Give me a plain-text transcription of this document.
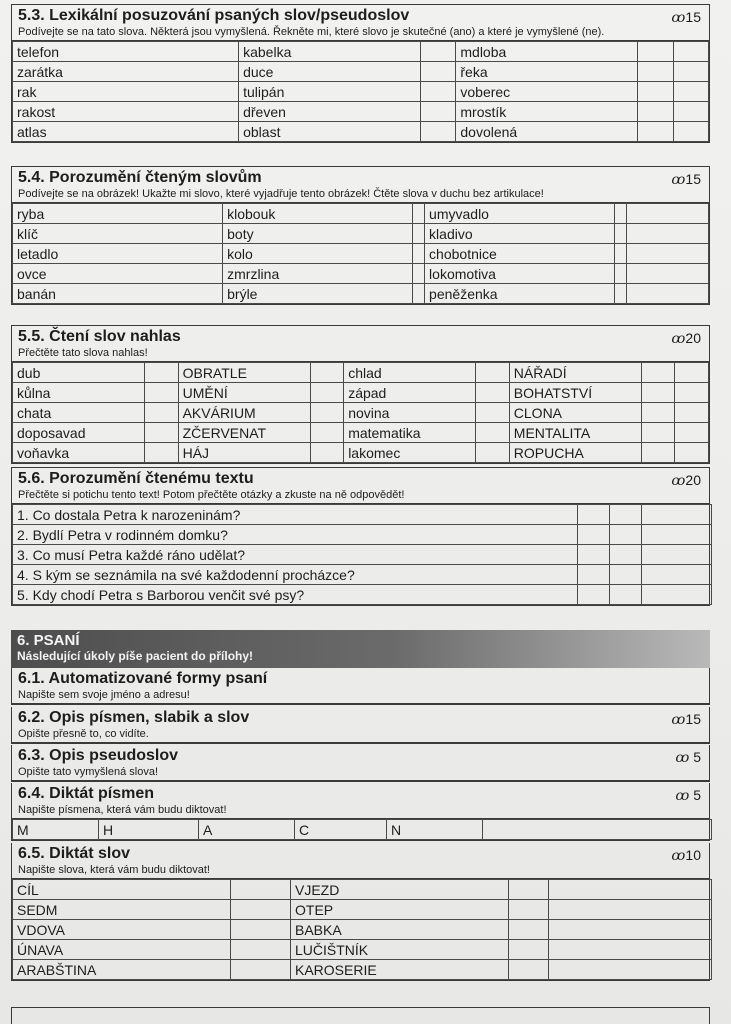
5.3. Lexikální posuzování psaných slov/pseudoslov
Podívejte se na tato slova. Některá jsou vymyšlená. Řekněte mi, které slovo je skutečné (ano) a které je vymyšlené (ne).
ꝏ15
telefon		kabelka		mdloba		
zarátka		duce		řeka		
rak		tulipán		voberec		
rakost		dřeven		mrostík		
atlas		oblast		dovolená		
5.4. Porozumění čteným slovům
Podívejte se na obrázek! Ukažte mi slovo, které vyjadřuje tento obrázek! Čtěte slova v duchu bez artikulace!
ꝏ15
ryba		klobouk		umyvadlo		
klíč		boty		kladivo		
letadlo		kolo		chobotnice		
ovce		zmrzlina		lokomotiva		
banán		brýle		peněženka		
5.5. Čtení slov nahlas
Přečtěte tato slova nahlas!
ꝏ20
dub		OBRATLE		chlad		NÁŘADÍ		
kůlna		UMĚNÍ		západ		BOHATSTVÍ		
chata		AKVÁRIUM		novina		CLONA		
doposavad		ZČERVENAT		matematika		MENTALITA		
voňavka		HÁJ		lakomec		ROPUCHA		
5.6. Porozumění čtenému textu
Přečtěte si potichu tento text! Potom přečtěte otázky a zkuste na ně odpovědět!
ꝏ20
1. Co dostala Petra k narozeninám?			
2. Bydlí Petra v rodinném domku?			
3. Co musí Petra každé ráno udělat?			
4. S kým se seznámila na své každodenní procházce?			
5. Kdy chodí Petra s Barborou venčit své psy?			
6. PSANÍ
Následující úkoly píše pacient do přílohy!
6.1. Automatizované formy psaní
Napište sem svoje jméno a adresu!
6.2. Opis písmen, slabik a slov
Opište přesně to, co vidíte.
ꝏ15
6.3. Opis pseudoslov
Opište tato vymyšlená slova!
ꝏ 5
6.4. Diktát písmen
Napište písmena, která vám budu diktovat!
ꝏ 5
M	H	A	C	N	
6.5. Diktát slov
Napište slova, která vám budu diktovat!
ꝏ10
CÍL		VJEZD		
SEDM		OTEP		
VDOVA		BABKA		
ÚNAVA		LUČIŠTNÍK		
ARABŠTINA		KAROSERIE		
